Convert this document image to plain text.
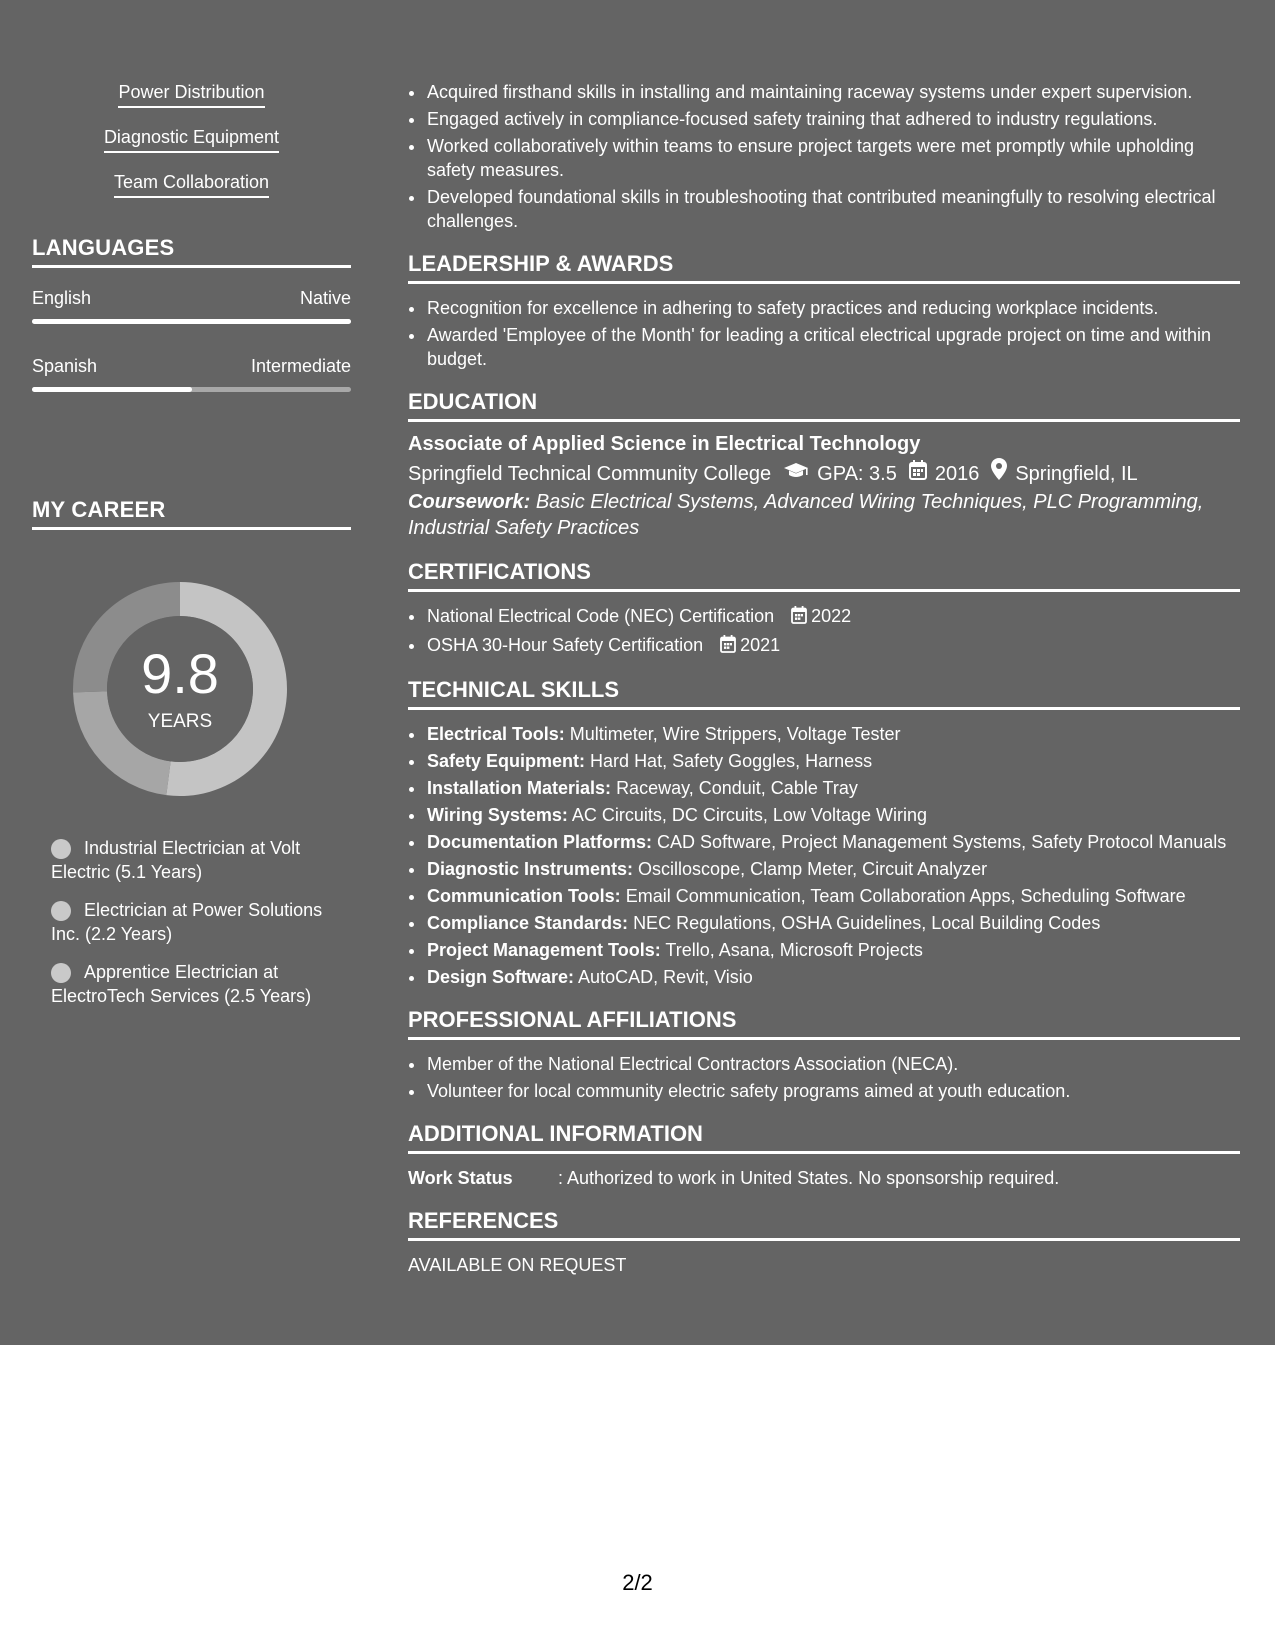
Power Distribution
Diagnostic Equipment
Team Collaboration
LANGUAGES
English	Native
Spanish	Intermediate
MY CAREER
9.8
YEARS
Industrial Electrician at Volt Electric (5.1 Years)
Electrician at Power Solutions Inc. (2.2 Years)
Apprentice Electrician at ElectroTech Services (2.5 Years)
• Acquired firsthand skills in installing and maintaining raceway systems under expert supervision.
• Engaged actively in compliance-focused safety training that adhered to industry regulations.
• Worked collaboratively within teams to ensure project targets were met promptly while upholding safety measures.
• Developed foundational skills in troubleshooting that contributed meaningfully to resolving electrical challenges.
LEADERSHIP & AWARDS
• Recognition for excellence in adhering to safety practices and reducing workplace incidents.
• Awarded 'Employee of the Month' for leading a critical electrical upgrade project on time and within budget.
EDUCATION
Associate of Applied Science in Electrical Technology
Springfield Technical Community College GPA: 3.5 2016 Springfield, IL
Coursework: Basic Electrical Systems, Advanced Wiring Techniques, PLC Programming, Industrial Safety Practices
CERTIFICATIONS
• National Electrical Code (NEC) Certification 2022
• OSHA 30-Hour Safety Certification 2021
TECHNICAL SKILLS
• Electrical Tools: Multimeter, Wire Strippers, Voltage Tester
• Safety Equipment: Hard Hat, Safety Goggles, Harness
• Installation Materials: Raceway, Conduit, Cable Tray
• Wiring Systems: AC Circuits, DC Circuits, Low Voltage Wiring
• Documentation Platforms: CAD Software, Project Management Systems, Safety Protocol Manuals
• Diagnostic Instruments: Oscilloscope, Clamp Meter, Circuit Analyzer
• Communication Tools: Email Communication, Team Collaboration Apps, Scheduling Software
• Compliance Standards: NEC Regulations, OSHA Guidelines, Local Building Codes
• Project Management Tools: Trello, Asana, Microsoft Projects
• Design Software: AutoCAD, Revit, Visio
PROFESSIONAL AFFILIATIONS
• Member of the National Electrical Contractors Association (NECA).
• Volunteer for local community electric safety programs aimed at youth education.
ADDITIONAL INFORMATION
Work Status	: Authorized to work in United States. No sponsorship required.
REFERENCES
AVAILABLE ON REQUEST
2/2
